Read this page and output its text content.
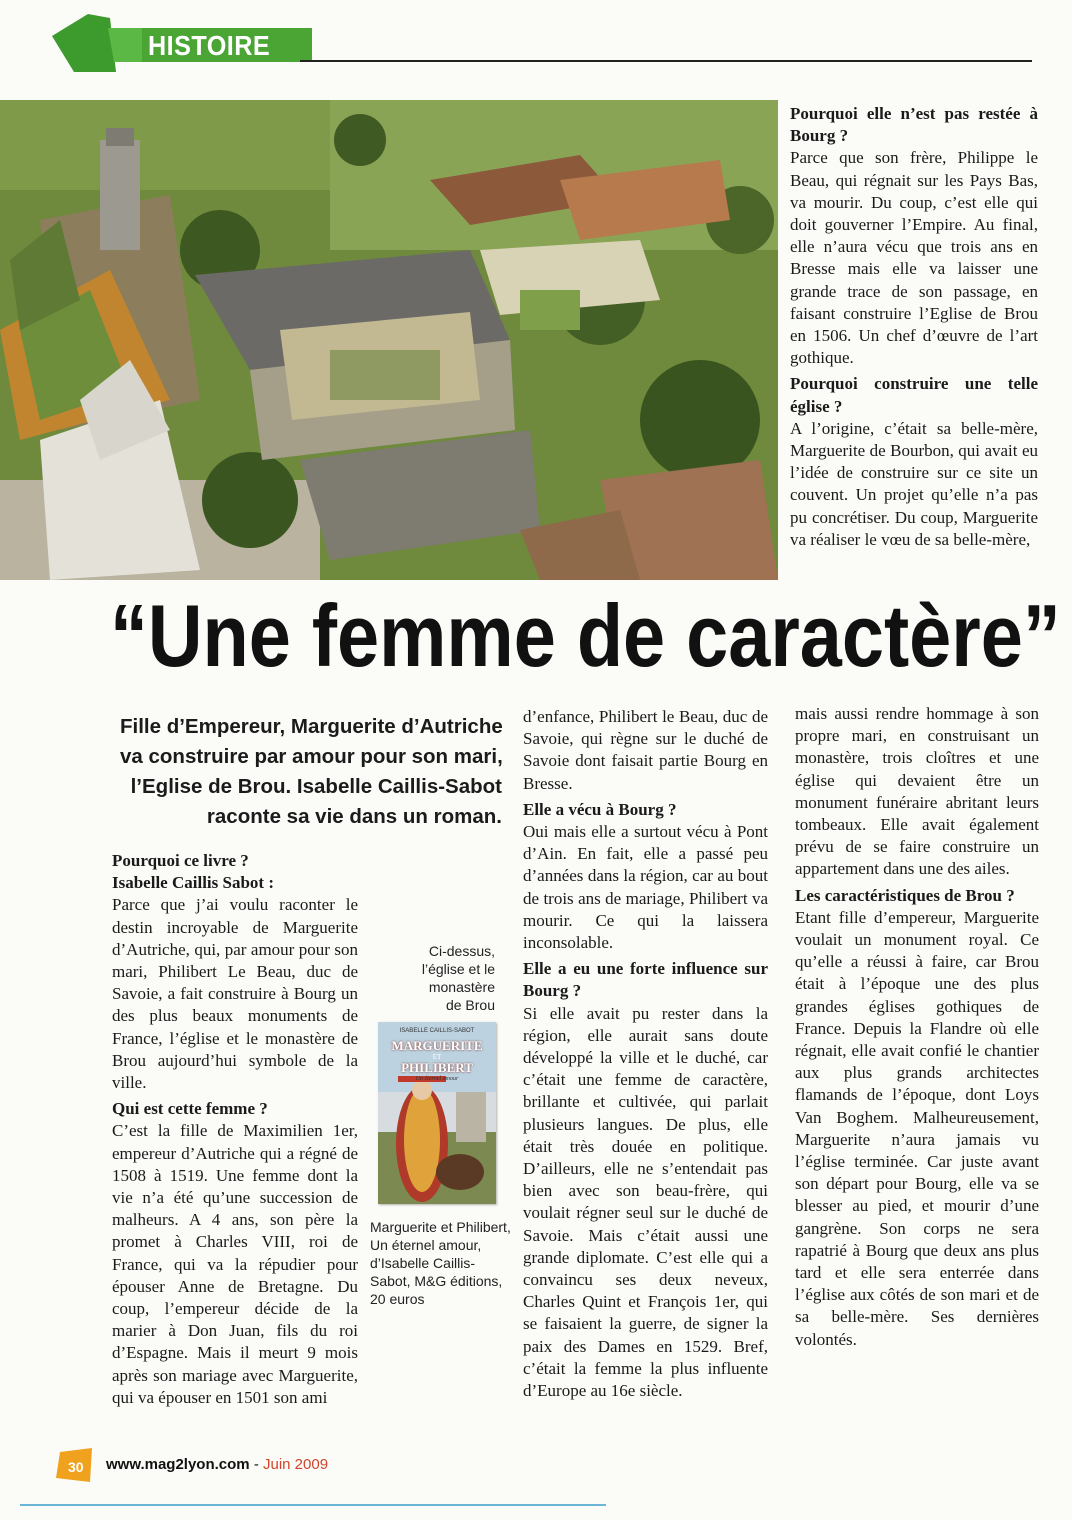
HISTOIRE

Pourquoi elle n’est pas restée à Bourg ?

Parce que son frère, Philippe le Beau, qui régnait sur les Pays Bas, va mourir. Du coup, c’est elle qui doit gouverner l’Empire. Au final, elle n’aura vécu que trois ans en Bresse mais elle va laisser une grande trace de son passage, en faisant construire l’Eglise de Brou en 1506. Un chef d’œuvre de l’art gothique.

Pourquoi construire une telle église ?

A l’origine, c’était sa belle-mère, Marguerite de Bourbon, qui avait eu l’idée de construire sur ce site un couvent. Un projet qu’elle n’a pas pu concrétiser. Du coup, Marguerite va réaliser le vœu de sa belle-mère,

“Une femme de caractère”
Fille d’Empereur, Marguerite d’Autriche
va construire par amour pour son mari,
l’Eglise de Brou. Isabelle Caillis-Sabot
raconte sa vie dans un roman.

Pourquoi ce livre ?

Isabelle Caillis Sabot :

Parce que j’ai voulu raconter le destin incroyable de Marguerite d’Autriche, qui, par amour pour son mari, Philibert Le Beau, duc de Savoie, a fait construire à Bourg un des plus beaux monuments de France, l’église et le monastère de Brou aujourd’hui symbole de la ville.

Qui est cette femme ?

C’est la fille de Maximilien 1er, empereur d’Autriche qui a régné de 1508 à 1519. Une femme dont la vie n’a été qu’une succession de malheurs. A 4 ans, son père la promet à Charles VIII, roi de France, qui va la répudier pour épouser Anne de Bretagne. Du coup, l’empereur décide de la marier à Don Juan, fils du roi d’Espagne. Mais il meurt 9 mois après son mariage avec Marguerite, qui va épouser en 1501 son ami

Ci-dessus,
l’église et le
monastère
de Brou
ISABELLE CAILLIS-SABOT
MARGUERITE
ET
PHILIBERT
Un éternel amour
Marguerite et Philibert,
Un éternel amour,
d’Isabelle Caillis-
Sabot, M&G éditions,
20 euros

d’enfance, Philibert le Beau, duc de Savoie, qui règne sur le duché de Savoie dont faisait partie Bourg en Bresse.

Elle a vécu à Bourg ?

Oui mais elle a surtout vécu à Pont d’Ain. En fait, elle a passé peu d’années dans la région, car au bout de trois ans de mariage, Philibert va mourir. Ce qui la laissera inconsolable.

Elle a eu une forte influence sur Bourg ?

Si elle avait pu rester dans la région, elle aurait sans doute développé la ville et le duché, car c’était une femme de caractère, brillante et cultivée, qui parlait plusieurs langues. De plus, elle était très douée en politique. D’ailleurs, elle ne s’entendait pas bien avec son beau-frère, qui voulait régner seul sur le duché de Savoie. Mais c’était aussi une grande diplomate. C’est elle qui a convaincu ses deux neveux, Charles Quint et François 1er, qui se faisaient la guerre, de signer la paix des Dames en 1529. Bref, c’était la femme la plus influente d’Europe au 16e siècle.

mais aussi rendre hommage à son propre mari, en construisant un monastère, trois cloîtres et une église qui devaient être un monument funéraire abritant leurs tombeaux. Elle avait également prévu de se faire construire un appartement dans une des ailes.

Les caractéristiques de Brou ?

Etant fille d’empereur, Marguerite voulait un monument royal. Ce qu’elle a réussi à faire, car Brou était à l’époque une des plus grandes églises gothiques de France. Depuis la Flandre où elle régnait, elle avait confié le chantier aux plus grands architectes flamands de l’époque, dont Loys Van Boghem. Malheureusement, Marguerite n’aura jamais vu l’église terminée. Car juste avant son départ pour Bourg, elle va se blesser au pied, et mourir d’une gangrène. Son corps ne sera rapatrié à Bourg que deux ans plus tard et elle sera enterrée dans l’église aux côtés de son mari et de sa belle-mère. Ses dernières volontés.

30 www.mag2lyon.com - Juin 2009
